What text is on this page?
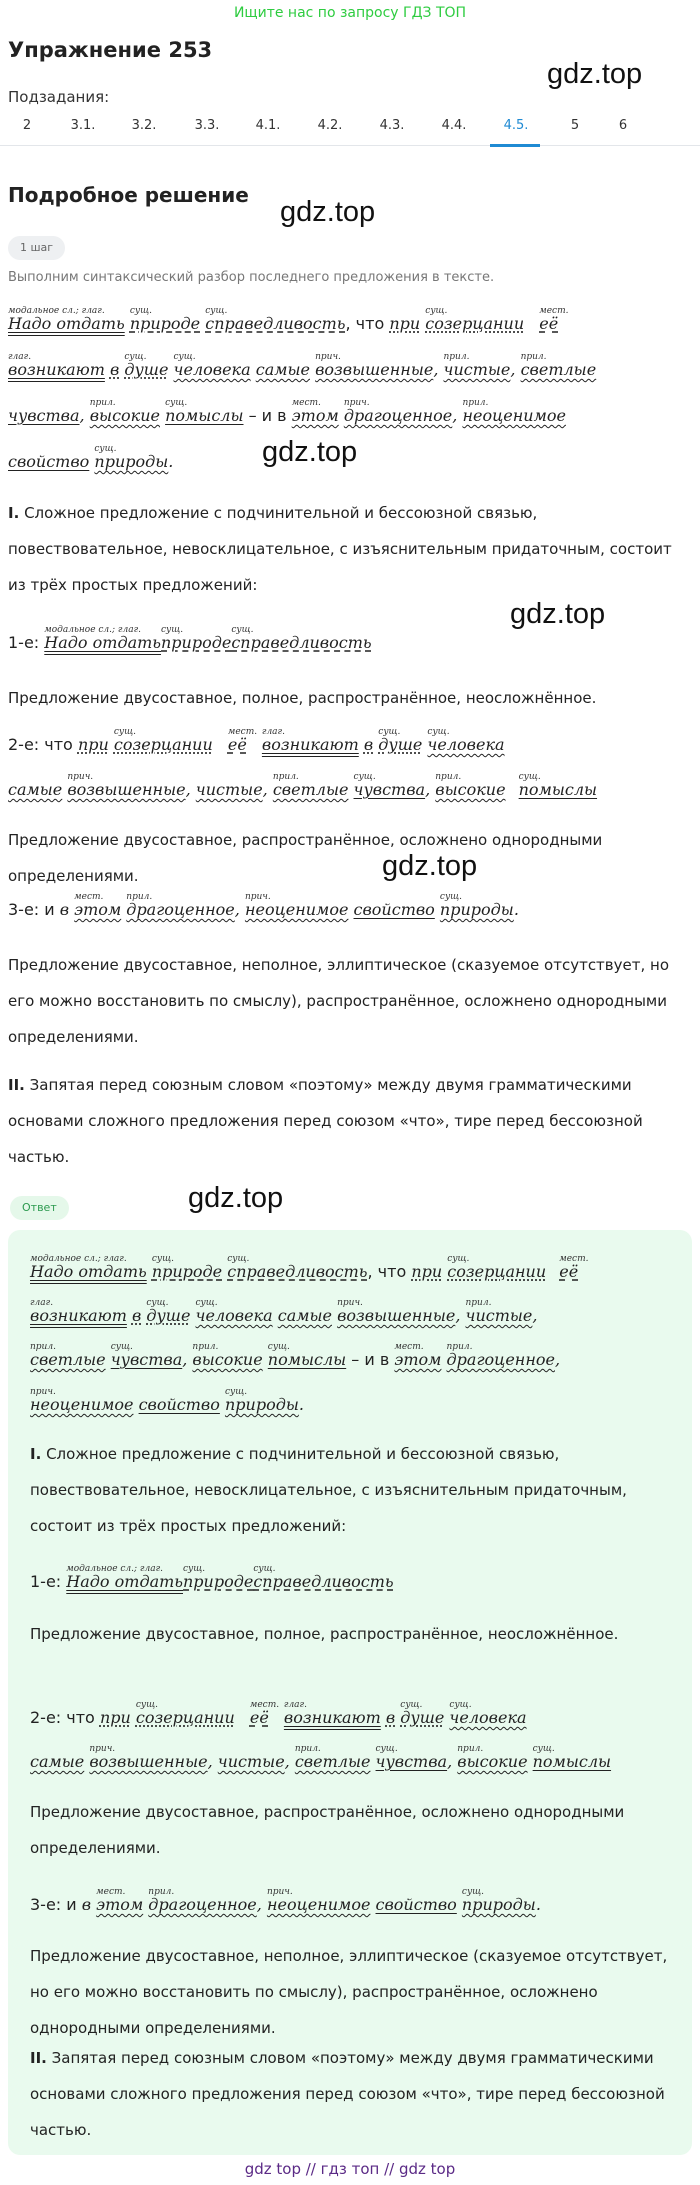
Ищите нас по запросу ГДЗ ТОП
Упражнение 253
gdz.top
gdz.top
gdz.top
gdz.top
gdz.top
gdz.top
Подзадания:
2	3.1.	3.2.	3.3.	4.1.	4.2.	4.3.	4.4.	4.5.	5	6
Подробное решение
1 шаг
Выполним синтаксический разбор последнего предложения в тексте.
модальное сл.; глаг.
Надо отдать
сущ.
природе
сущ.
справедливость, что при
сущ.
созерцании
мест.
её
глаг.
возникают в
сущ.
душе
сущ.
человека самые
прич.
возвышенные,
прил.
чистые,
прил.
светлые
чувства,
прил.
высокие
сущ.
помыслы – и в
мест.
этом
прич.
драгоценное,
прил.
неоценимое
свойство
сущ.
природы.
I. Сложное предложение с подчинительной и бессоюзной связью, повествовательное, невосклицательное, с изъяснительным придаточным, состоит из трёх простых предложений:
1-е:
модальное сл.; глаг.
Надо отдать
сущ.
природе
сущ.
справедливость
Предложение двусоставное, полное, распространённое, неосложнённое.
2-е: что при
сущ.
созерцании
мест.
её
глаг.
возникают в
сущ.
душе
сущ.
человека
самые
прич.
возвышенные, чистые,
прил.
светлые
сущ.
чувства,
прил.
высокие
сущ.
помыслы
Предложение двусоставное, распространённое, осложнено однородными определениями.
3-е: и в
мест.
этом
прил.
драгоценное,
прич.
неоценимое свойство
сущ.
природы.
Предложение двусоставное, неполное, эллиптическое (сказуемое отсутствует, но его можно восстановить по смыслу), распространённое, осложнено однородными определениями.
II. Запятая перед союзным словом «поэтому» между двумя грамматическими основами сложного предложения перед союзом «что», тире перед бессоюзной частью.
Ответ
модальное сл.; глаг.
Надо отдать
сущ.
природе
сущ.
справедливость, что при
сущ.
созерцании
мест.
её
глаг.
возникают в
сущ.
душе
сущ.
человека самые
прич.
возвышенные,
прил.
чистые,
прил.
светлые
сущ.
чувства,
прил.
высокие
сущ.
помыслы – и в
мест.
этом
прил.
драгоценное,
прич.
неоценимое свойство
сущ.
природы.
I. Сложное предложение с подчинительной и бессоюзной связью, повествовательное, невосклицательное, с изъяснительным придаточным, состоит из трёх простых предложений:
1-е:
модальное сл.; глаг.
Надо отдать
сущ.
природе
сущ.
справедливость
Предложение двусоставное, полное, распространённое, неосложнённое.
2-е: что при
сущ.
созерцании
мест.
её
глаг.
возникают в
сущ.
душе
сущ.
человека
самые
прич.
возвышенные, чистые,
прил.
светлые
сущ.
чувства,
прил.
высокие
сущ.
помыслы
Предложение двусоставное, распространённое, осложнено однородными определениями.
3-е: и в
мест.
этом
прил.
драгоценное,
прич.
неоценимое свойство
сущ.
природы.
Предложение двусоставное, неполное, эллиптическое (сказуемое отсутствует, но его можно восстановить по смыслу), распространённое, осложнено однородными определениями.
II. Запятая перед союзным словом «поэтому» между двумя грамматическими основами сложного предложения перед союзом «что», тире перед бессоюзной частью.
gdz top // гдз топ // gdz top
